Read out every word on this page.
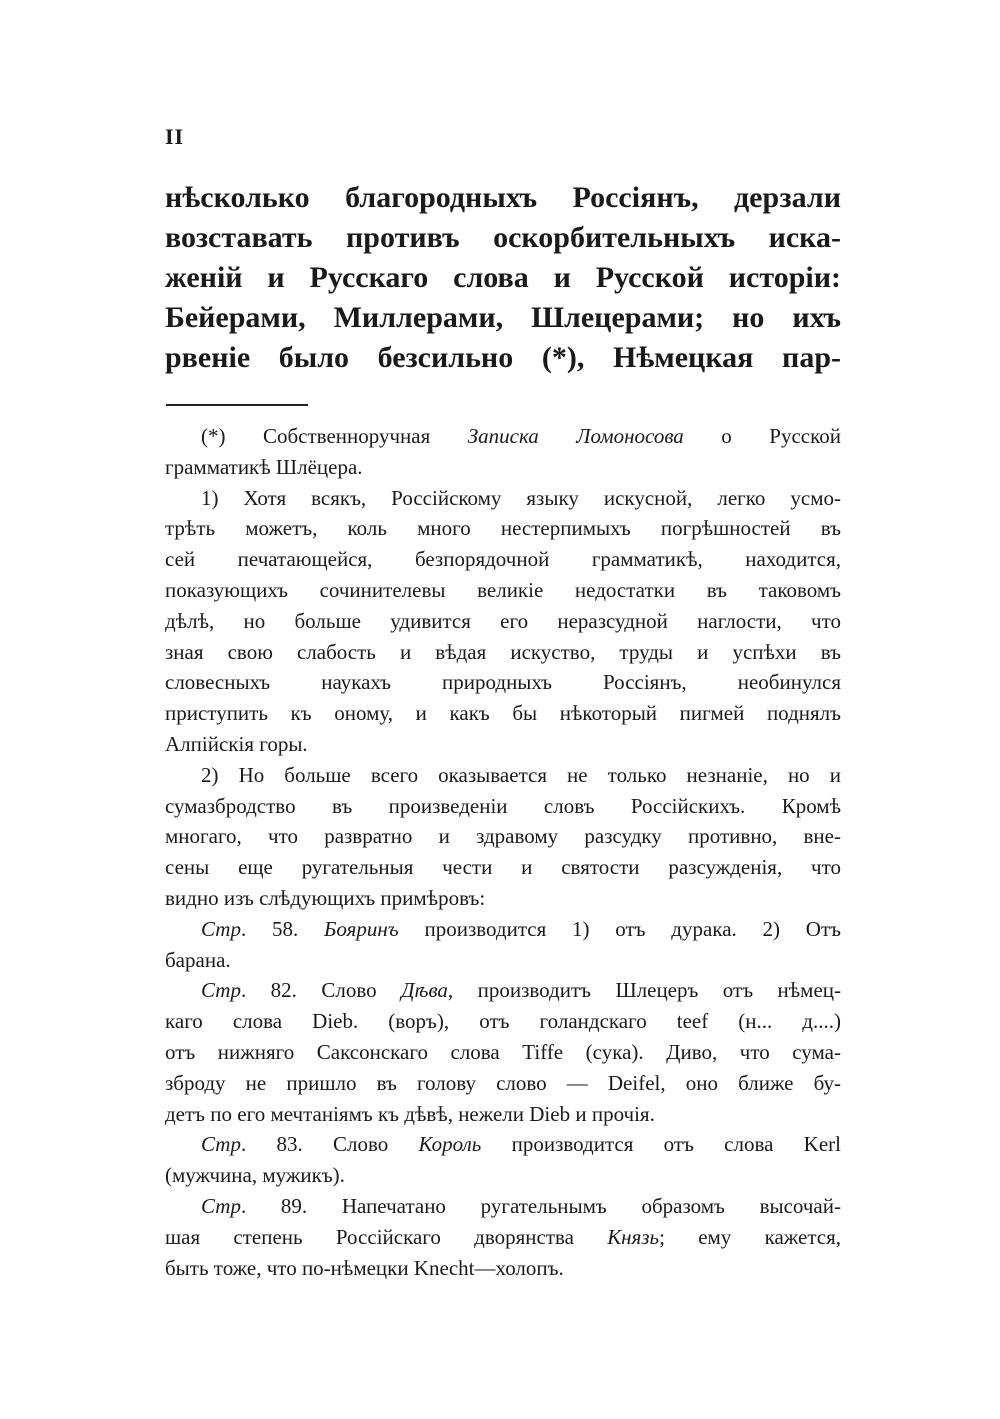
II
нѣсколько благородныхъ Россіянъ, дерзали
возставать противъ оскорбительныхъ иска-
женій и Русскаго слова и Русской исторіи:
Бейерами, Миллерами, Шлецерами; но ихъ
рвеніе было безсильно (*), Нѣмецкая пар-
(*) Собственноручная Записка Ломоносова о Русской
грамматикѣ Шлёцера.
1) Хотя всякъ, Россійскому языку искусной, легко усмо-
трѣть можетъ, коль много нестерпимыхъ погрѣшностей въ
сей печатающейся, безпорядочной грамматикѣ, находится,
показующихъ сочинителевы великіе недостатки въ таковомъ
дѣлѣ, но больше удивится его неразсудной наглости, что
зная свою слабость и вѣдая искуство, труды и успѣхи въ
словесныхъ наукахъ природныхъ Россіянъ, необинулся
приступить къ оному, и какъ бы нѣкоторый пигмей поднялъ
Алпійскія горы.
2) Но больше всего оказывается не только незнаніе, но и
сумазбродство въ произведеніи словъ Россійскихъ. Кромѣ
многаго, что развратно и здравому разсудку противно, вне-
сены еще ругательныя чести и святости разсужденія, что
видно изъ слѣдующихъ примѣровъ:
Стр. 58. Бояринъ производится 1) отъ дурака. 2) Отъ
барана.
Стр. 82. Слово Дѣва, производитъ Шлецеръ отъ нѣмец-
каго слова Dieb. (воръ), отъ голандскаго teef (н... д....)
отъ нижняго Саксонскаго слова Tiffe (сука). Диво, что сума-
зброду не пришло въ голову слово — Deifel, оно ближе бу-
детъ по его мечтаніямъ къ дѣвѣ, нежели Dieb и прочія.
Стр. 83. Слово Король производится отъ слова Kerl
(мужчина, мужикъ).
Стр. 89. Напечатано ругательнымъ образомъ высочай-
шая степень Россійскаго дворянства Князь; ему кажется,
быть тоже, что по-нѣмецки Knecht—холопъ.
